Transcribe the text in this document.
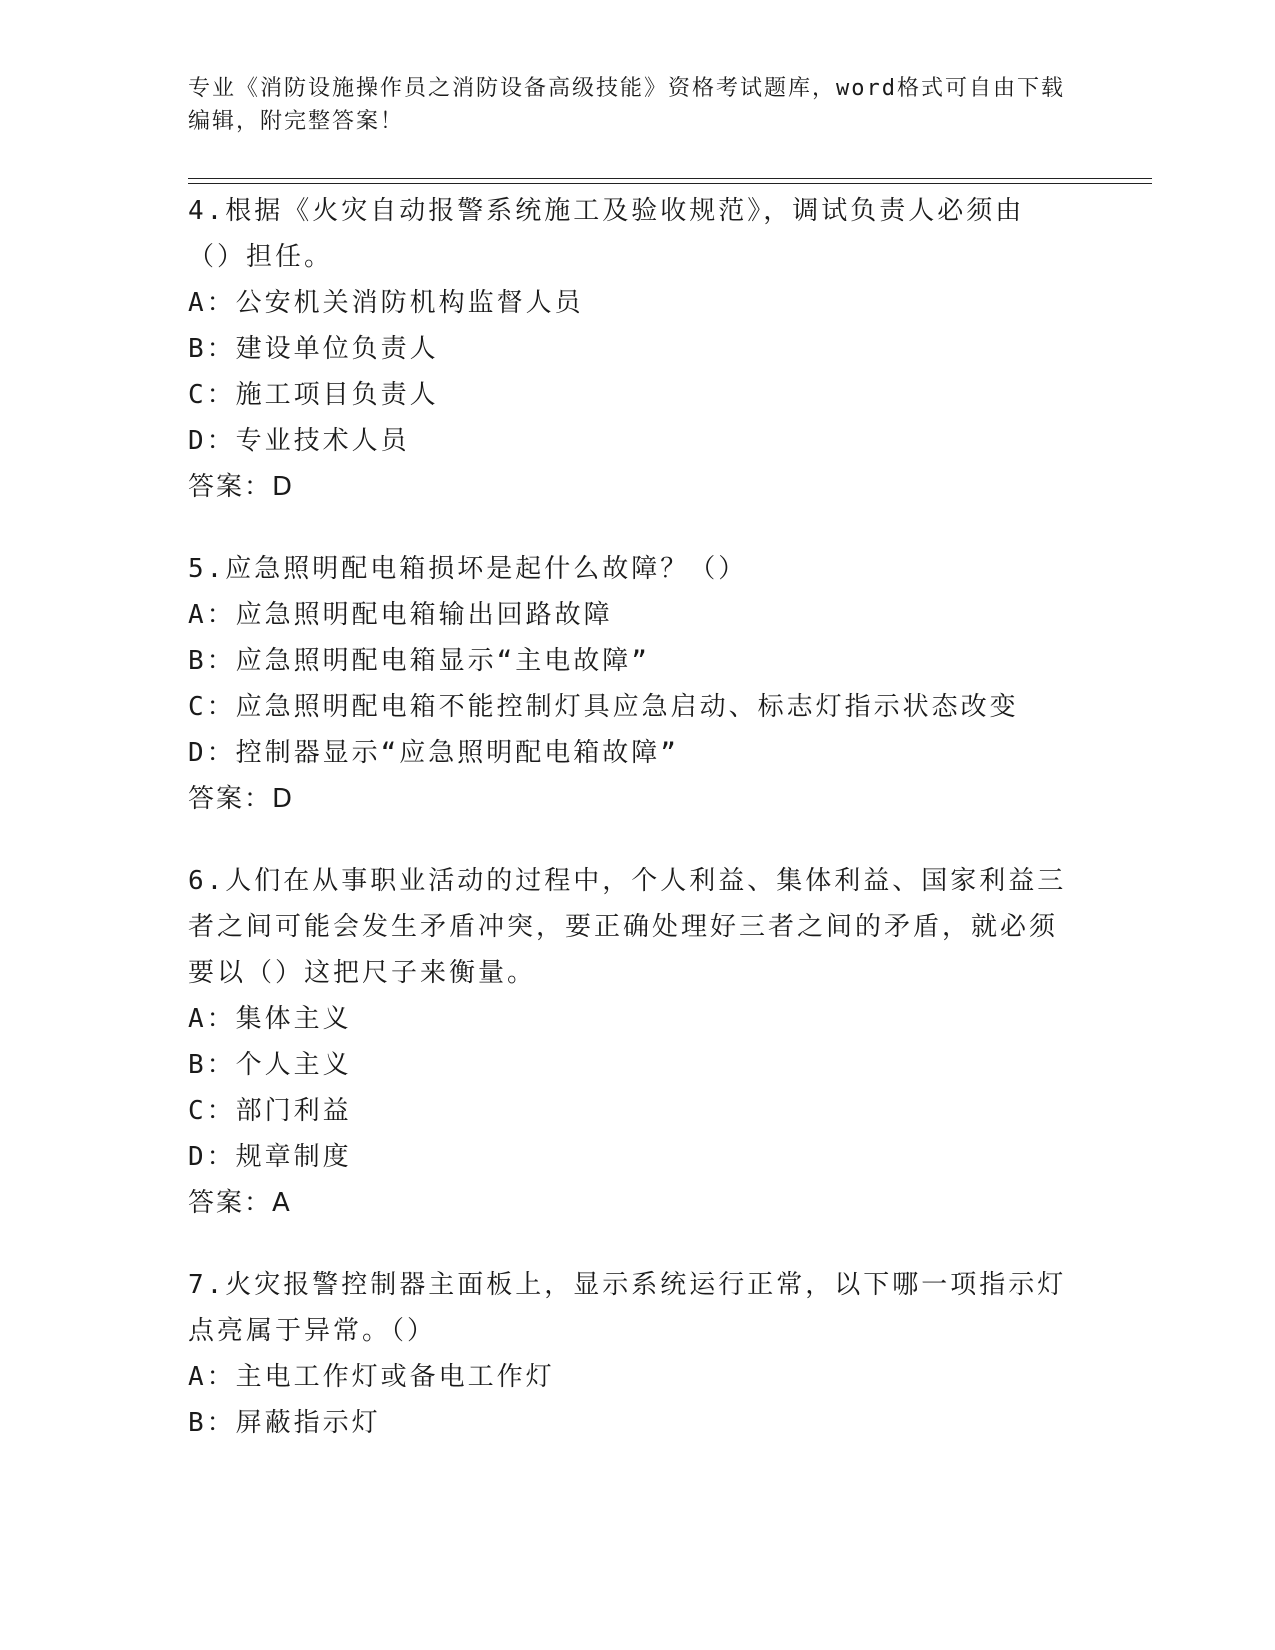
专业《消防设施操作员之消防设备高级技能》资格考试题库，word格式可自由下载编辑，附完整答案！
4.根据《火灾自动报警系统施工及验收规范》，调试负责人必须由（）担任。
A：公安机关消防机构监督人员
B：建设单位负责人
C：施工项目负责人
D：专业技术人员
答案：D
5.应急照明配电箱损坏是起什么故障？（）
A：应急照明配电箱输出回路故障
B：应急照明配电箱显示“主电故障”
C：应急照明配电箱不能控制灯具应急启动、标志灯指示状态改变
D：控制器显示“应急照明配电箱故障”
答案：D
6.人们在从事职业活动的过程中，个人利益、集体利益、国家利益三者之间可能会发生矛盾冲突，要正确处理好三者之间的矛盾，就必须要以（）这把尺子来衡量。
A：集体主义
B：个人主义
C：部门利益
D：规章制度
答案：A
7.火灾报警控制器主面板上，显示系统运行正常，以下哪一项指示灯点亮属于异常。（）
A：主电工作灯或备电工作灯
B：屏蔽指示灯
